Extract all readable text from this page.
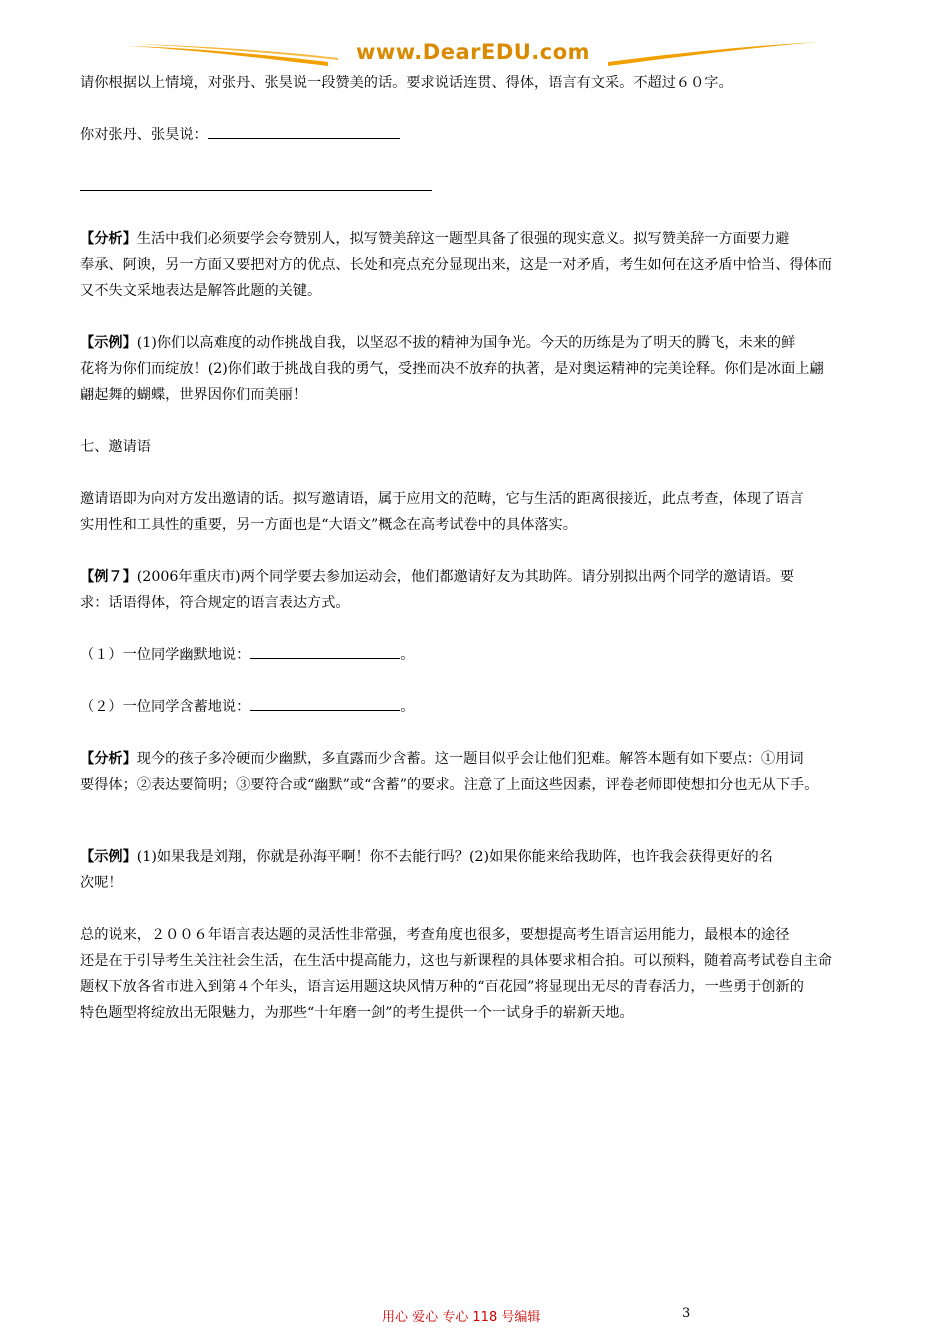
www.DearEDU.com

请你根据以上情境，对张丹、张昊说一段赞美的话。要求说话连贯、得体，语言有文采。不超过６０字。

你对张丹、张昊说：

【分析】生活中我们必须要学会夸赞别人，拟写赞美辞这一题型具备了很强的现实意义。拟写赞美辞一方面要力避

奉承、阿谀，另一方面又要把对方的优点、长处和亮点充分显现出来，这是一对矛盾，考生如何在这矛盾中恰当、得体而

又不失文采地表达是解答此题的关键。

【示例】(1)你们以高难度的动作挑战自我，以坚忍不拔的精神为国争光。今天的历练是为了明天的腾飞，未来的鲜

花将为你们而绽放！(2)你们敢于挑战自我的勇气，受挫而决不放弃的执著，是对奥运精神的完美诠释。你们是冰面上翩

翩起舞的蝴蝶，世界因你们而美丽！

七、邀请语

邀请语即为向对方发出邀请的话。拟写邀请语，属于应用文的范畴，它与生活的距离很接近，此点考查，体现了语言

实用性和工具性的重要，另一方面也是“大语文”概念在高考试卷中的具体落实。

【例７】(2006年重庆市)两个同学要去参加运动会，他们都邀请好友为其助阵。请分别拟出两个同学的邀请语。要

求：话语得体，符合规定的语言表达方式。

（１）一位同学幽默地说：	。

（２）一位同学含蓄地说：	。

【分析】现今的孩子多冷硬而少幽默，多直露而少含蓄。这一题目似乎会让他们犯难。解答本题有如下要点：①用词

要得体；②表达要简明；③要符合或“幽默”或“含蓄”的要求。注意了上面这些因素，评卷老师即使想扣分也无从下手。

【示例】(1)如果我是刘翔，你就是孙海平啊！你不去能行吗？(2)如果你能来给我助阵，也许我会获得更好的名

次呢！

总的说来，２００６年语言表达题的灵活性非常强，考查角度也很多，要想提高考生语言运用能力，最根本的途径

还是在于引导考生关注社会生活，在生活中提高能力，这也与新课程的具体要求相合拍。可以预料，随着高考试卷自主命

题权下放各省市进入到第４个年头，语言运用题这块风情万种的“百花园”将显现出无尽的青春活力，一些勇于创新的

特色题型将绽放出无限魅力，为那些“十年磨一剑”的考生提供一个一试身手的崭新天地。

用心 爱心 专心 118 号编辑	3
